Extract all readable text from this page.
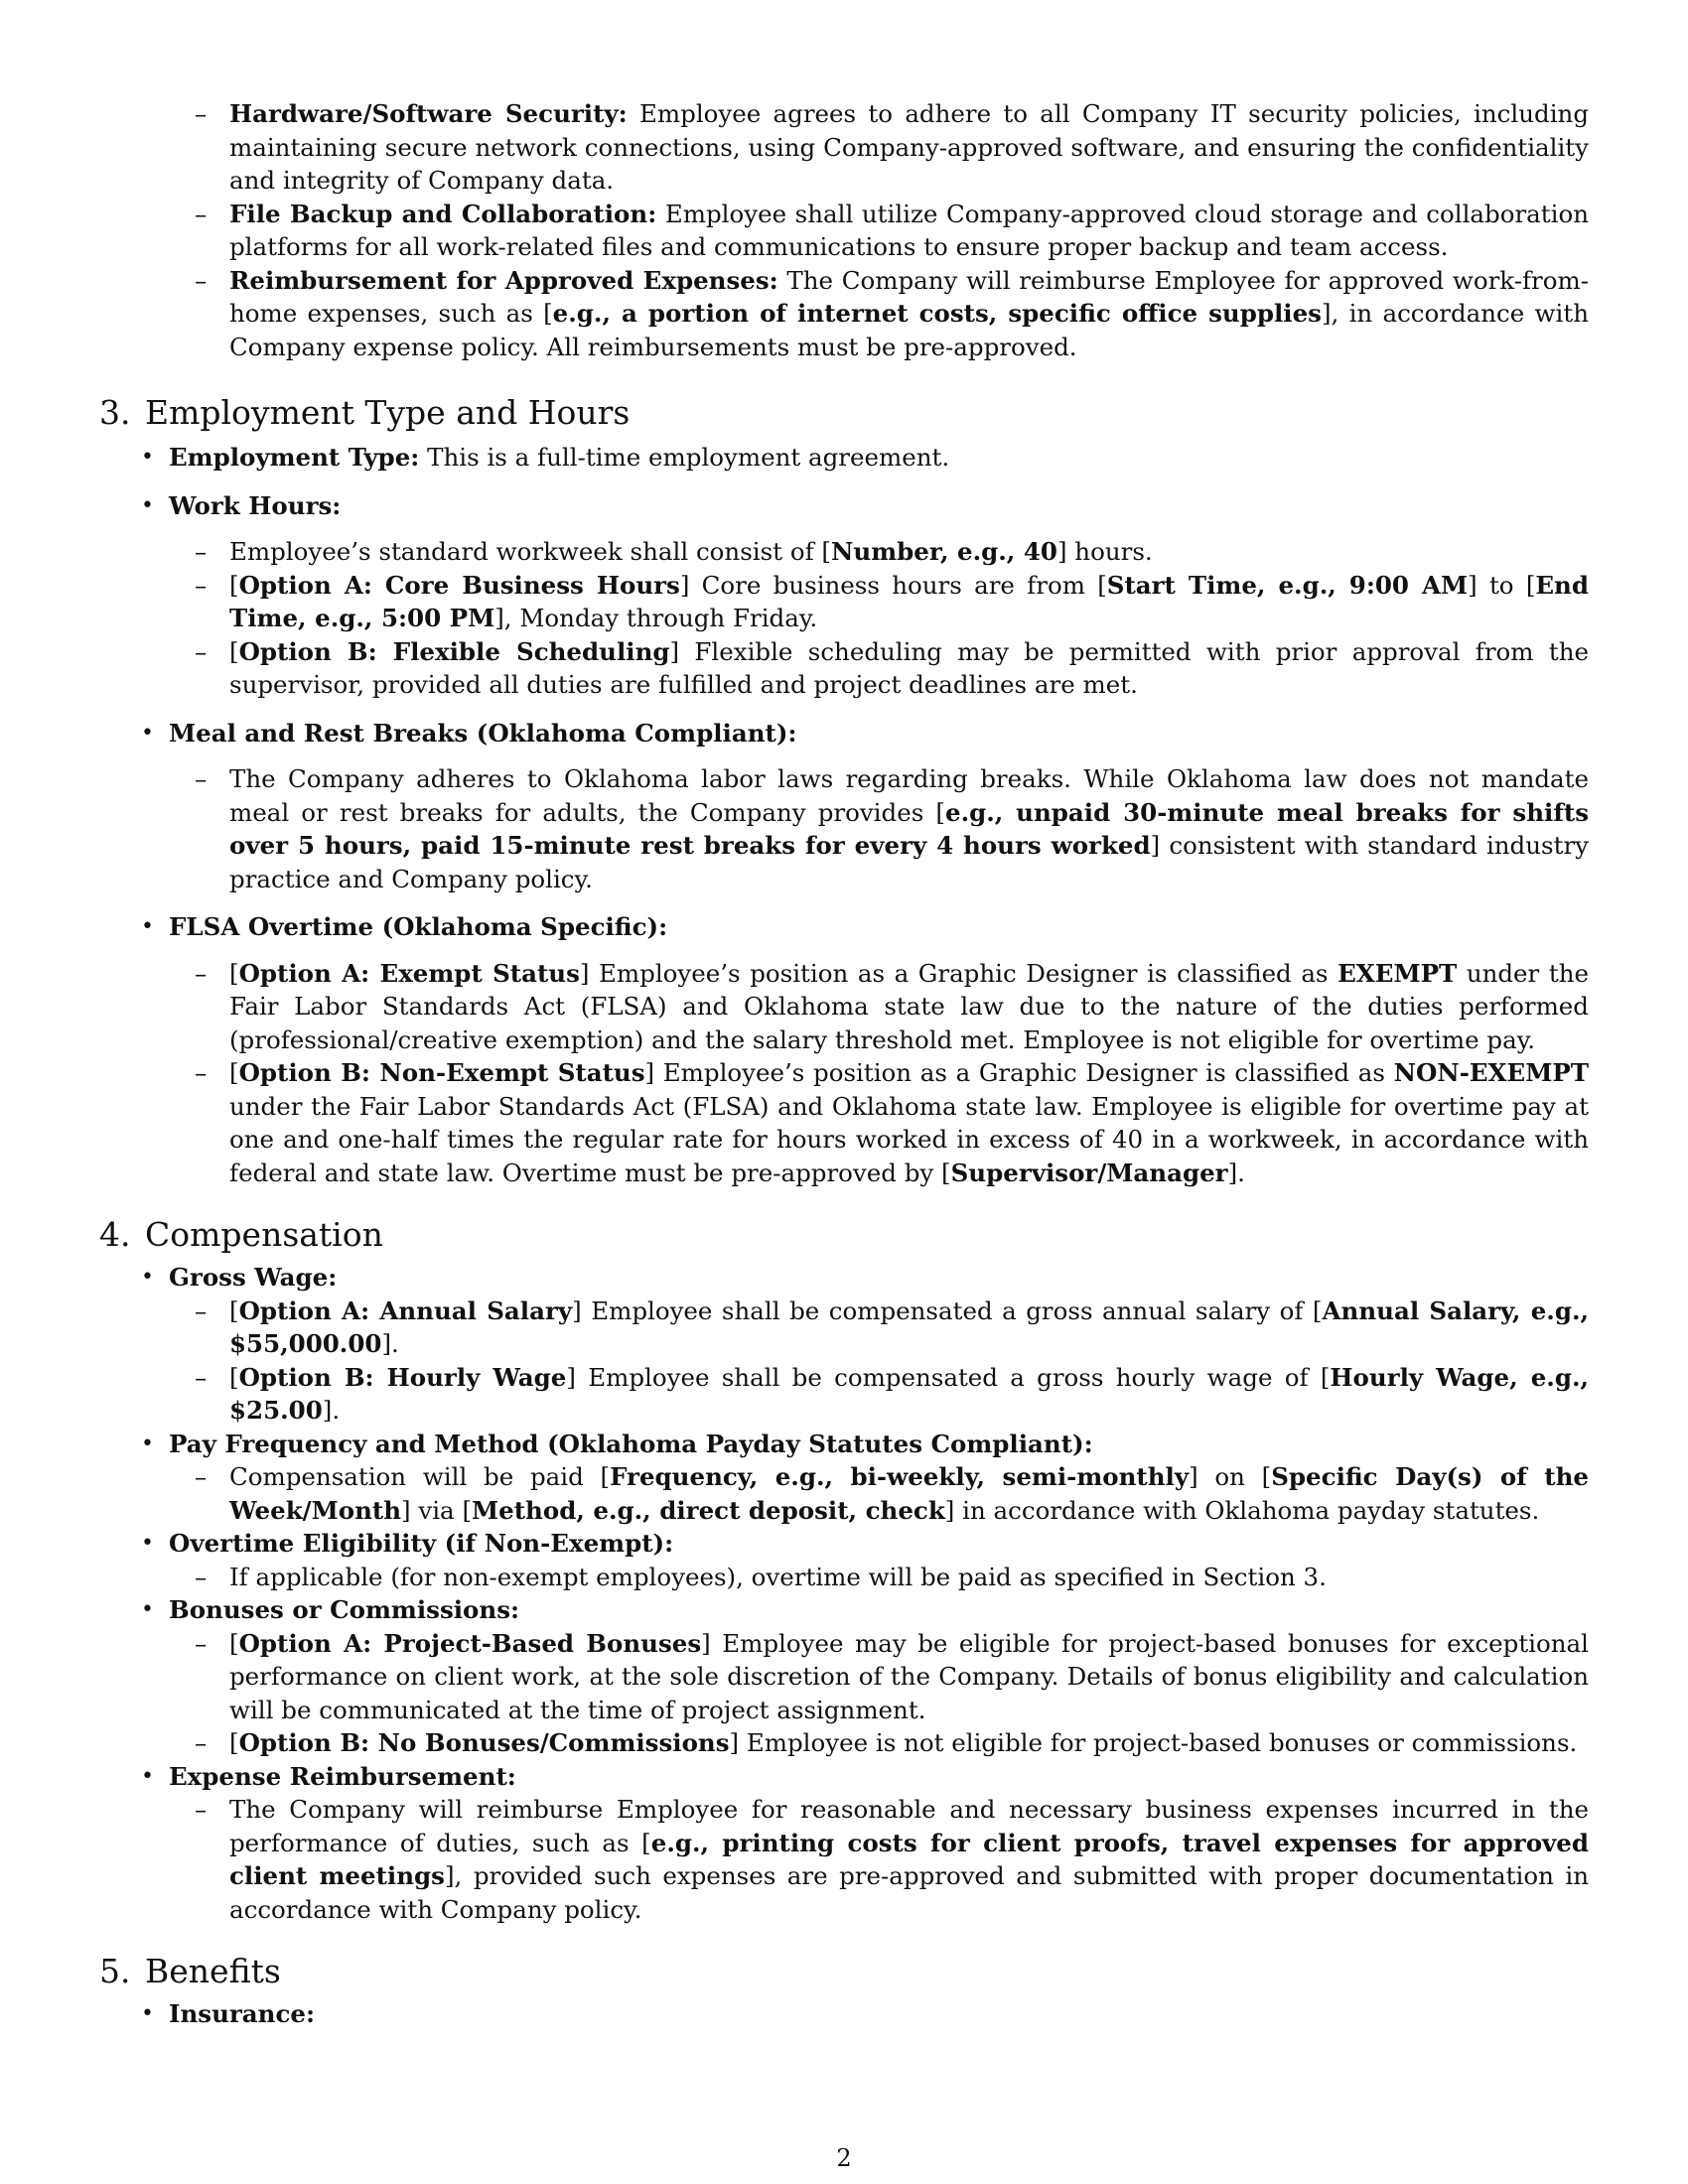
– Hardware/Software Security: Employee agrees to adhere to all Company IT security policies, including maintaining secure network connections, using Company-approved software, and ensuring the confidentiality and integrity of Company data.
– File Backup and Collaboration: Employee shall utilize Company-approved cloud storage and collaboration platforms for all work-related files and communications to ensure proper backup and team access.
– Reimbursement for Approved Expenses: The Company will reimburse Employee for approved work-from-home expenses, such as [e.g., a portion of internet costs, specific office supplies], in accordance with Company expense policy. All reimbursements must be pre-approved.
3. Employment Type and Hours
• Employment Type: This is a full-time employment agreement.

• Work Hours:

– Employee’s standard workweek shall consist of [Number, e.g., 40] hours.
– [Option A: Core Business Hours] Core business hours are from [Start Time, e.g., 9:00 AM] to [End Time, e.g., 5:00 PM], Monday through Friday.
– [Option B: Flexible Scheduling] Flexible scheduling may be permitted with prior approval from the supervisor, provided all duties are fulfilled and project deadlines are met.

• Meal and Rest Breaks (Oklahoma Compliant):

– The Company adheres to Oklahoma labor laws regarding breaks. While Oklahoma law does not mandate meal or rest breaks for adults, the Company provides [e.g., unpaid 30-minute meal breaks for shifts over 5 hours, paid 15-minute rest breaks for every 4 hours worked] consistent with standard industry practice and Company policy.

• FLSA Overtime (Oklahoma Specific):

– [Option A: Exempt Status] Employee’s position as a Graphic Designer is classified as EXEMPT under the Fair Labor Standards Act (FLSA) and Oklahoma state law due to the nature of the duties performed (professional/creative exemption) and the salary threshold met. Employee is not eligible for overtime pay.
– [Option B: Non-Exempt Status] Employee’s position as a Graphic Designer is classified as NON-EXEMPT under the Fair Labor Standards Act (FLSA) and Oklahoma state law. Employee is eligible for overtime pay at one and one-half times the regular rate for hours worked in excess of 40 in a workweek, in accordance with federal and state law. Overtime must be pre-approved by [Supervisor/Manager].
4. Compensation

• Gross Wage:

– [Option A: Annual Salary] Employee shall be compensated a gross annual salary of [Annual Salary, e.g., $55,000.00].
– [Option B: Hourly Wage] Employee shall be compensated a gross hourly wage of [Hourly Wage, e.g., $25.00].

• Pay Frequency and Method (Oklahoma Payday Statutes Compliant):

– Compensation will be paid [Frequency, e.g., bi-weekly, semi-monthly] on [Specific Day(s) of the Week/Month] via [Method, e.g., direct deposit, check] in accordance with Oklahoma payday statutes.

• Overtime Eligibility (if Non-Exempt):

– If applicable (for non-exempt employees), overtime will be paid as specified in Section 3.

• Bonuses or Commissions:

– [Option A: Project-Based Bonuses] Employee may be eligible for project-based bonuses for exceptional performance on client work, at the sole discretion of the Company. Details of bonus eligibility and calculation will be communicated at the time of project assignment.
– [Option B: No Bonuses/Commissions] Employee is not eligible for project-based bonuses or commissions.

• Expense Reimbursement:

– The Company will reimburse Employee for reasonable and necessary business expenses incurred in the performance of duties, such as [e.g., printing costs for client proofs, travel expenses for approved client meetings], provided such expenses are pre-approved and submitted with proper documentation in accordance with Company policy.
5. Benefits
• Insurance:
2
